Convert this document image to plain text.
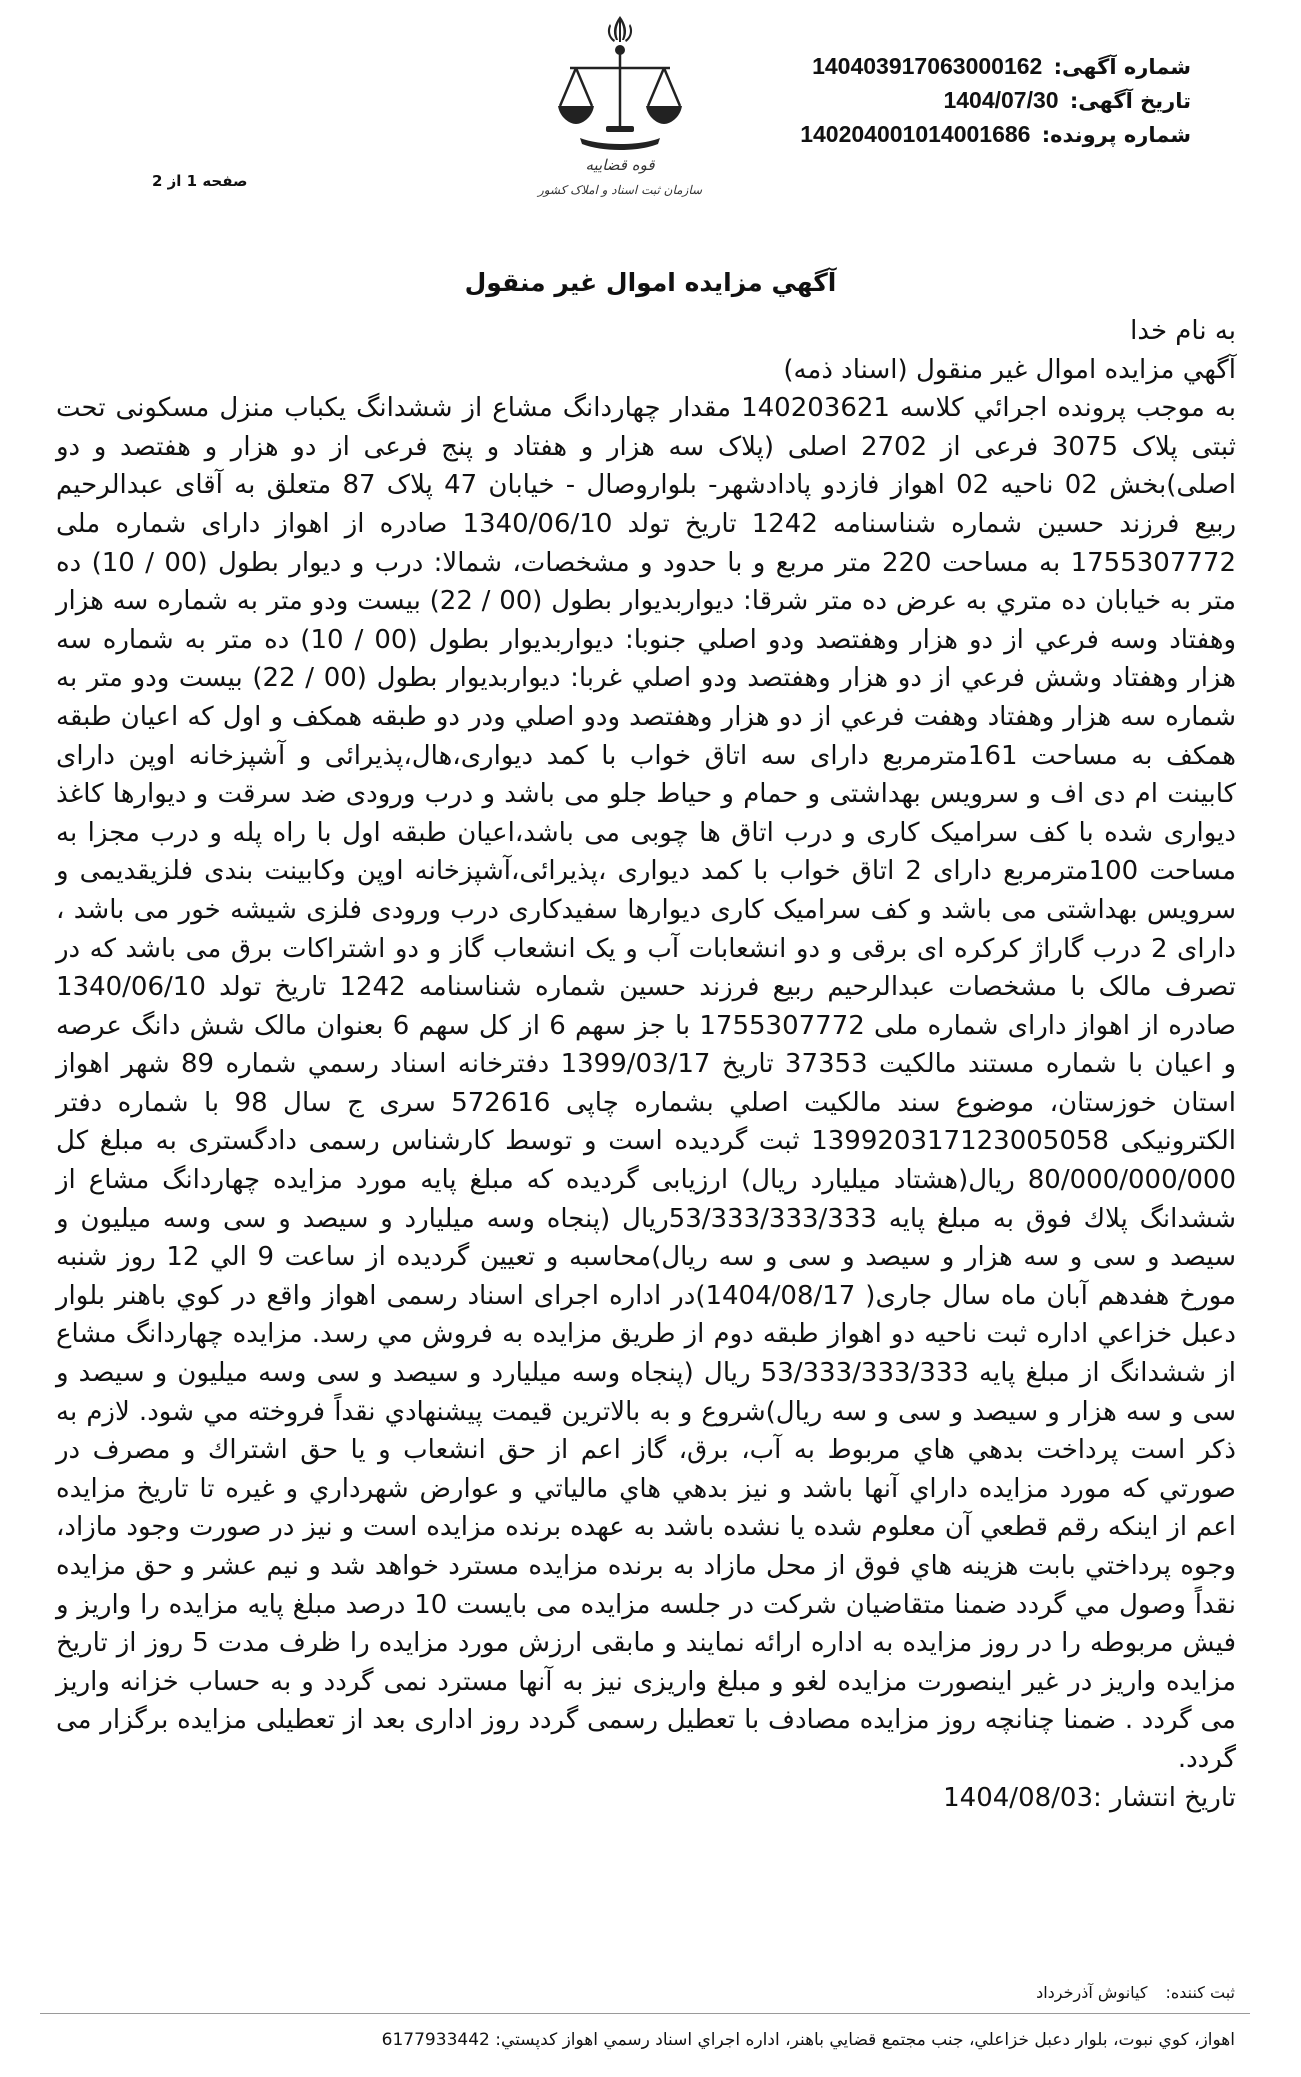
قوه قضاییه
سازمان ثبت اسناد و املاک کشور
شماره آگهی: 140403917063000162
تاریخ آگهی: 1404/07/30
شماره پرونده: 140204001014001686
صفحه 1 از 2
آگهي مزايده اموال غير منقول

به نام خدا

آگهي مزايده اموال غير منقول (اسناد ذمه)

به موجب پرونده اجرائي كلاسه 140203621 مقدار چهاردانگ مشاع از ششدانگ يكباب منزل مسكونی تحت ثبتی پلاک 3075 فرعی از 2702 اصلی (پلاک سه هزار و هفتاد و پنج فرعی از دو هزار و هفتصد و دو اصلی)بخش 02 ناحيه 02 اهواز فازدو پادادشهر- بلواروصال - خيابان 47 پلاک 87 متعلق به آقای عبدالرحيم ربيع فرزند حسين شماره شناسنامه 1242 تاريخ تولد 1340/06/10 صادره از اهواز دارای شماره ملی 1755307772 به مساحت 220 متر مربع و با حدود و مشخصات، شمالا: درب و ديوار بطول (00 / 10) ده متر به خيابان ده متري به عرض ده متر شرقا: ديواربديوار بطول (00 / 22) بيست ودو متر به شماره سه هزار وهفتاد وسه فرعي از دو هزار وهفتصد ودو اصلي جنوبا: ديواربديوار بطول (00 / 10) ده متر به شماره سه هزار وهفتاد وشش فرعي از دو هزار وهفتصد ودو اصلي غربا: ديواربديوار بطول (00 / 22) بيست ودو متر به شماره سه هزار وهفتاد وهفت فرعي از دو هزار وهفتصد ودو اصلي ودر دو طبقه همكف و اول كه اعيان طبقه همكف به مساحت 161مترمربع دارای سه اتاق خواب با كمد ديواری،هال،پذيرائی و آشپزخانه اوپن دارای كابينت ام دی اف و سرويس بهداشتی و حمام و حياط جلو می باشد و درب ورودی ضد سرقت و ديوارها كاغذ ديواری شده با كف سراميک كاری و درب اتاق ها چوبی می باشد،اعيان طبقه اول با راه پله و درب مجزا به مساحت 100مترمربع دارای 2 اتاق خواب با كمد ديواری ،پذيرائی،آشپزخانه اوپن وكابينت بندی فلزيقديمی و سرويس بهداشتی می باشد و كف سراميک كاری ديوارها سفيدكاری درب ورودی فلزی شيشه خور می باشد ، دارای 2 درب گاراژ كركره ای برقی و دو انشعابات آب و يک انشعاب گاز و دو اشتراكات برق می باشد كه در تصرف مالک با مشخصات عبدالرحيم ربيع فرزند حسين شماره شناسنامه 1242 تاريخ تولد 1340/06/10 صادره از اهواز دارای شماره ملی 1755307772 با جز سهم 6 از كل سهم 6 بعنوان مالک شش دانگ عرصه و اعيان با شماره مستند مالكيت 37353 تاريخ 1399/03/17 دفترخانه اسناد رسمي شماره 89 شهر اهواز استان خوزستان، موضوع سند مالكيت اصلي بشماره چاپی 572616 سری ج سال 98 با شماره دفتر الكترونيكی 139920317123005058 ثبت گرديده است و توسط كارشناس رسمی دادگستری به مبلغ كل 80/000/000/000 ريال(هشتاد ميليارد ريال) ارزيابی گرديده كه مبلغ پايه مورد مزايده چهاردانگ مشاع از ششدانگ پلاك فوق به مبلغ پايه 53/333/333/333ريال (پنجاه وسه ميليارد و سيصد و سی وسه ميليون و سيصد و سی و سه هزار و سيصد و سی و سه ريال)محاسبه و تعيين گرديده از ساعت 9 الي 12 روز شنبه مورخ هفدهم آبان ماه سال جاری( 1404/08/17)در اداره اجرای اسناد رسمی اهواز واقع در كوي باهنر بلوار دعبل خزاعي اداره ثبت ناحيه دو اهواز طبقه دوم از طريق مزايده به فروش مي رسد. مزايده چهاردانگ مشاع از ششدانگ از مبلغ پايه 53/333/333/333 ريال (پنجاه وسه ميليارد و سيصد و سی وسه ميليون و سيصد و سی و سه هزار و سيصد و سی و سه ريال)شروع و به بالاترين قيمت پيشنهادي نقداً فروخته مي شود. لازم به ذكر است پرداخت بدهي هاي مربوط به آب، برق، گاز اعم از حق انشعاب و يا حق اشتراك و مصرف در صورتي كه مورد مزايده داراي آنها باشد و نيز بدهي هاي مالياتي و عوارض شهرداري و غيره تا تاريخ مزايده اعم از اينكه رقم قطعي آن معلوم شده يا نشده باشد به عهده برنده مزايده است و نيز در صورت وجود مازاد، وجوه پرداختي بابت هزينه هاي فوق از محل مازاد به برنده مزايده مسترد خواهد شد و نيم عشر و حق مزايده نقداً وصول مي گردد ضمنا متقاضيان شركت در جلسه مزايده می بايست 10 درصد مبلغ پايه مزايده را واريز و فيش مربوطه را در روز مزايده به اداره ارائه نمايند و مابقی ارزش مورد مزايده را ظرف مدت 5 روز از تاريخ مزايده واريز در غير اينصورت مزايده لغو و مبلغ واريزی نيز به آنها مسترد نمی گردد و به حساب خزانه واريز می گردد . ضمنا چنانچه روز مزايده مصادف با تعطيل رسمی گردد روز اداری بعد از تعطيلی مزايده برگزار می گردد.

تاريخ انتشار :1404/08/03

ثبت كننده:كيانوش آذرخرداد
اهواز، كوي نبوت، بلوار دعبل خزاعلي، جنب مجتمع قضايي باهنر، اداره اجراي اسناد رسمي اهواز كدپستي: 6177933442
